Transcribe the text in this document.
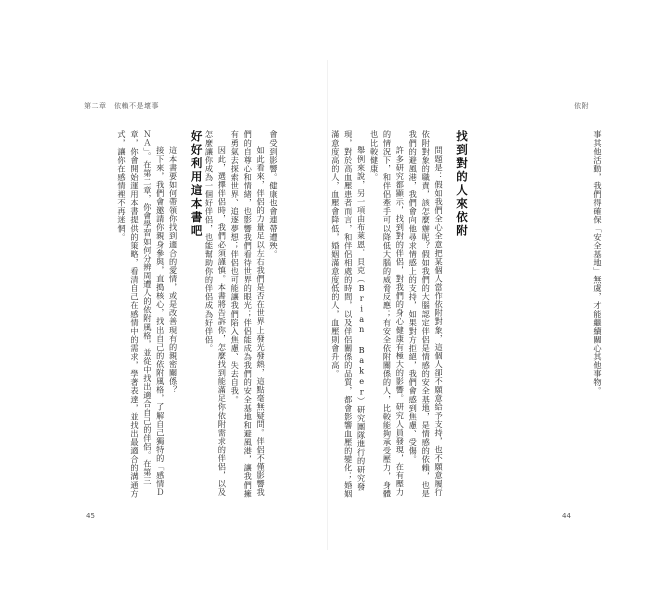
第二章　依賴不是壞事	依附

事其他活動，我們得確保「安全基地」無虞，才能繼續關心其他事物。

找到對的人來依附

問題是：假如我們全心全意把某個人當作依附對象，這個人卻不願意給予支持，也不願意履行依附對象的職責，該怎麼辦呢？假如我們的大腦認定伴侶是情感的安全基地，是情感的依賴，也是我們的避風港，我們會向他尋求情感上的支持，如果對方拒絕，我們會感到焦慮、受傷。

許多研究都顯示，找到對的伴侶，對我們的身心健康有極大的影響。研究人員發現，在有壓力的情況下，和伴侶牽手可以降低大腦的威脅反應；有安全依附關係的人，比較能夠承受壓力，身體也比較健康。

舉例來說，另一項由布萊恩．貝克（Brian Baker）研究團隊進行的研究發現，對於高血壓患者而言，和伴侶相處的時間，以及伴侶關係的品質，都會影響血壓的變化；婚姻滿意度高的人，血壓會降低，婚姻滿意度低的人，血壓則會升高。

會受到影響。健康也會連帶遭殃。

如此看來，伴侶的力量足以左右我們是否在世界上發光發熱，這點毫無疑問。伴侶不僅影響我們的自尊心和情緒，也影響我們看待世界的眼光；伴侶能成為我們的安全基地和避風港，讓我們擁有勇氣去探索世界、追逐夢想；伴侶也可能讓我們陷入焦慮、失去自我。

因此，選擇伴侶時，我們必須謹慎。本書將告訴你，怎麼找到能滿足你依附需求的伴侶，以及怎麼讓你成為一個好伴侶，也能幫助你的伴侶成為好伴侶。

好好利用這本書吧

這本書要如何帶領你找到適合的愛情，或是改善現有的親密關係？

接下來，我們會邀請你親身參與，直搗核心，找出自己的依附風格，了解自己獨特的「感情ＤＮＡ」。在第二章，你會學習如何分辨周遭人的依附風格，並從中找出適合自己的伴侶。在第三章，你會開始運用本書提供的策略，看清自己在感情中的需求，學著表達，並找出最適合的溝通方式，讓你在感情裡不再迷惘。

45	44
